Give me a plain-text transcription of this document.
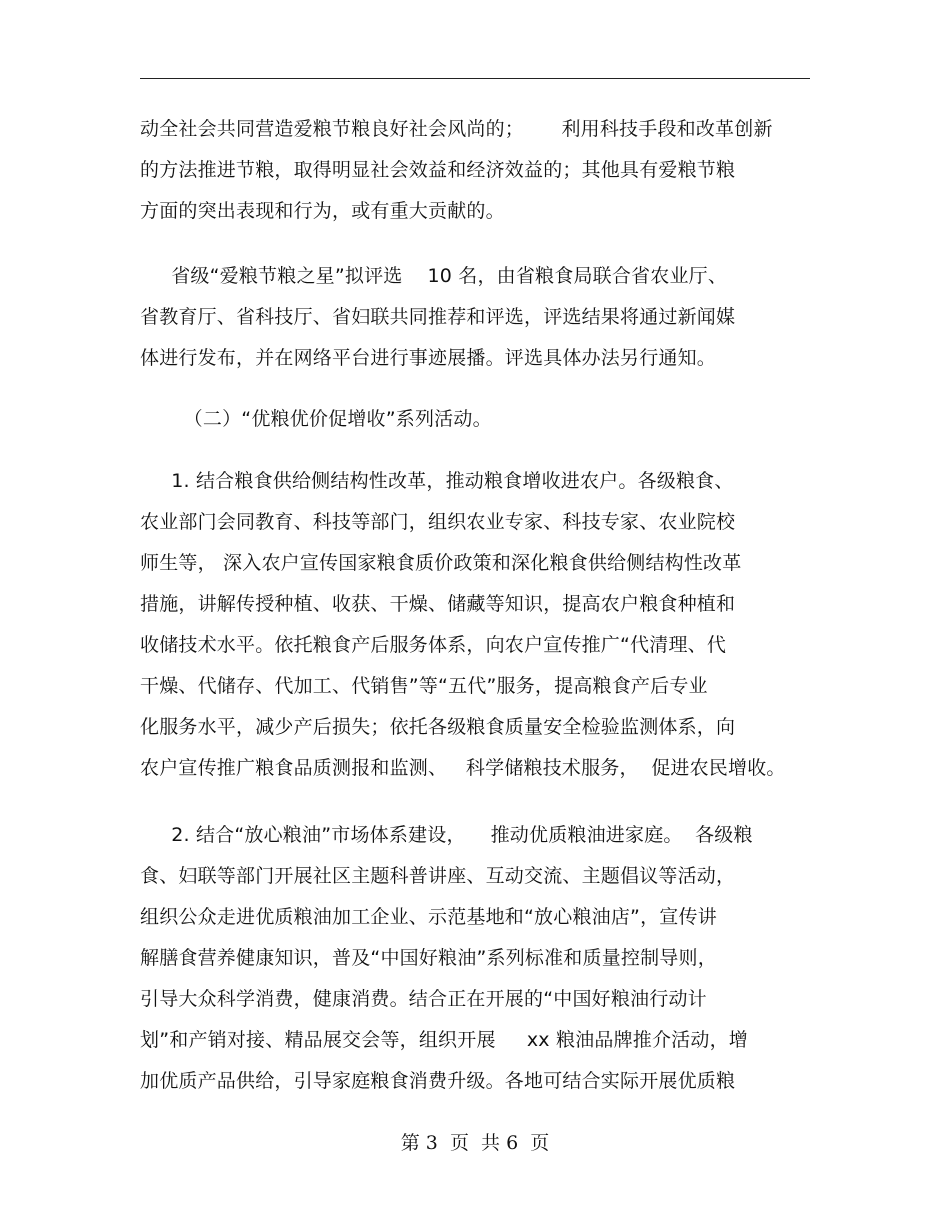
动全社会共同营造爱粮节粮良好社会风尚的；      利用科技手段和改革创新
的方法推进节粮，取得明显社会效益和经济效益的；其他具有爱粮节粮
方面的突出表现和行为，或有重大贡献的。
省级“爱粮节粮之星”拟评选    10 名，由省粮食局联合省农业厅、
省教育厅、省科技厅、省妇联共同推荐和评选，评选结果将通过新闻媒
体进行发布，并在网络平台进行事迹展播。评选具体办法另行通知。
（二）“优粮优价促增收”系列活动。
1. 结合粮食供给侧结构性改革，推动粮食增收进农户。各级粮食、
农业部门会同教育、科技等部门，组织农业专家、科技专家、农业院校
师生等， 深入农户宣传国家粮食质价政策和深化粮食供给侧结构性改革
措施，讲解传授种植、收获、干燥、储藏等知识，提高农户粮食种植和
收储技术水平。依托粮食产后服务体系，向农户宣传推广“代清理、代
干燥、代储存、代加工、代销售”等“五代”服务，提高粮食产后专业
化服务水平，减少产后损失；依托各级粮食质量安全检验监测体系，向
农户宣传推广粮食品质测报和监测、   科学储粮技术服务，  促进农民增收。
2. 结合“放心粮油”市场体系建设，    推动优质粮油进家庭。  各级粮
食、妇联等部门开展社区主题科普讲座、互动交流、主题倡议等活动，
组织公众走进优质粮油加工企业、示范基地和“放心粮油店”，宣传讲
解膳食营养健康知识，普及“中国好粮油”系列标准和质量控制导则，
引导大众科学消费，健康消费。结合正在开展的“中国好粮油行动计
划”和产销对接、精品展交会等，组织开展     xx 粮油品牌推介活动，增
加优质产品供给，引导家庭粮食消费升级。各地可结合实际开展优质粮
第 3  页  共 6  页
